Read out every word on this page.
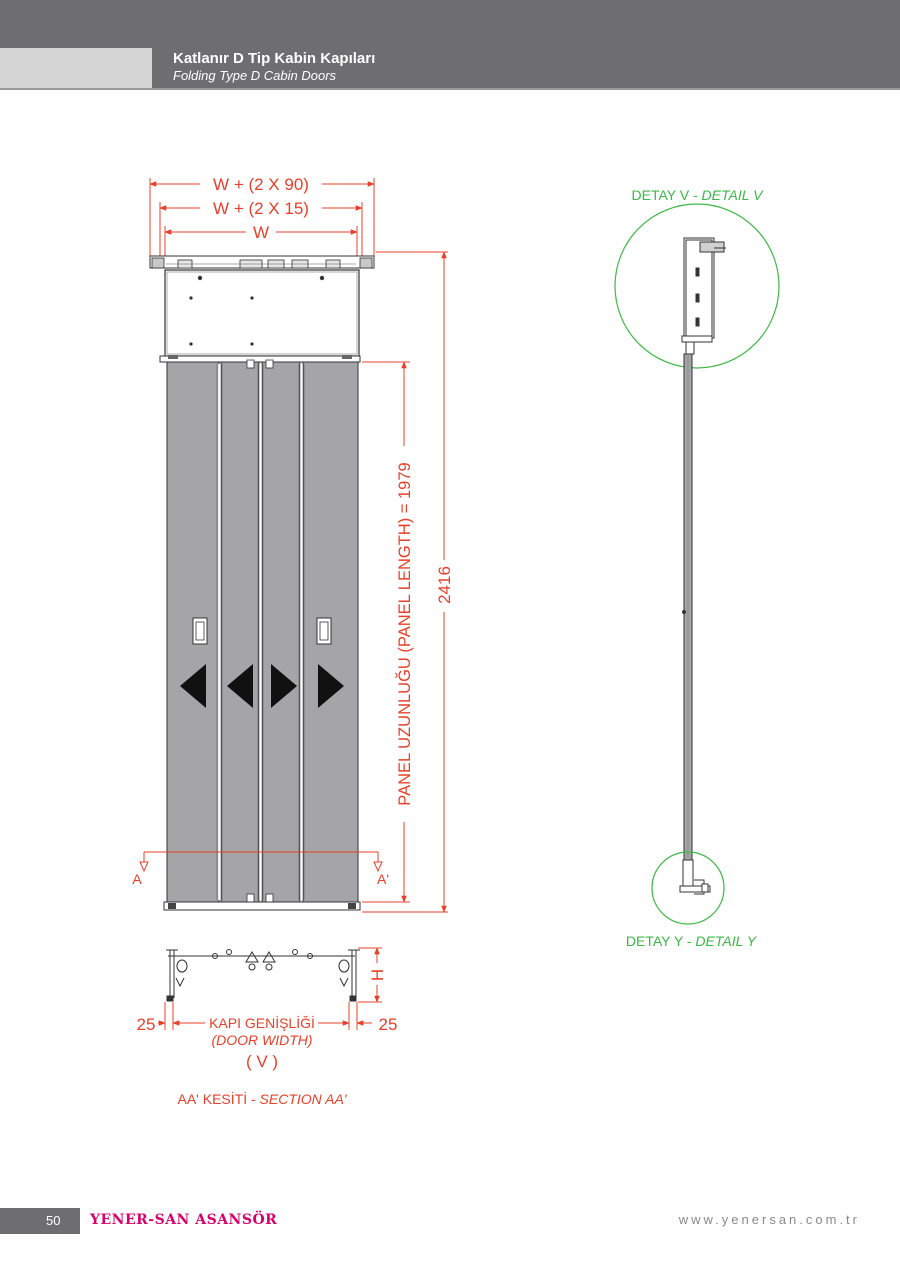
Katlanır D Tip Kabin Kapıları
Folding Type D Cabin Doors
W + (2 X 90)
W + (2 X 15)
W
A	A'
2416
PANEL UZUNLUĞU (PANEL LENGTH) = 1979
25	25
H
KAPI GENİŞLİĞİ
(DOOR WIDTH)
( V )
AA' KESİTİ - SECTION AA'
DETAY V - DETAIL V
DETAY Y - DETAIL Y
50 YENER-SAN ASANSÖR	www.yenersan.com.tr
